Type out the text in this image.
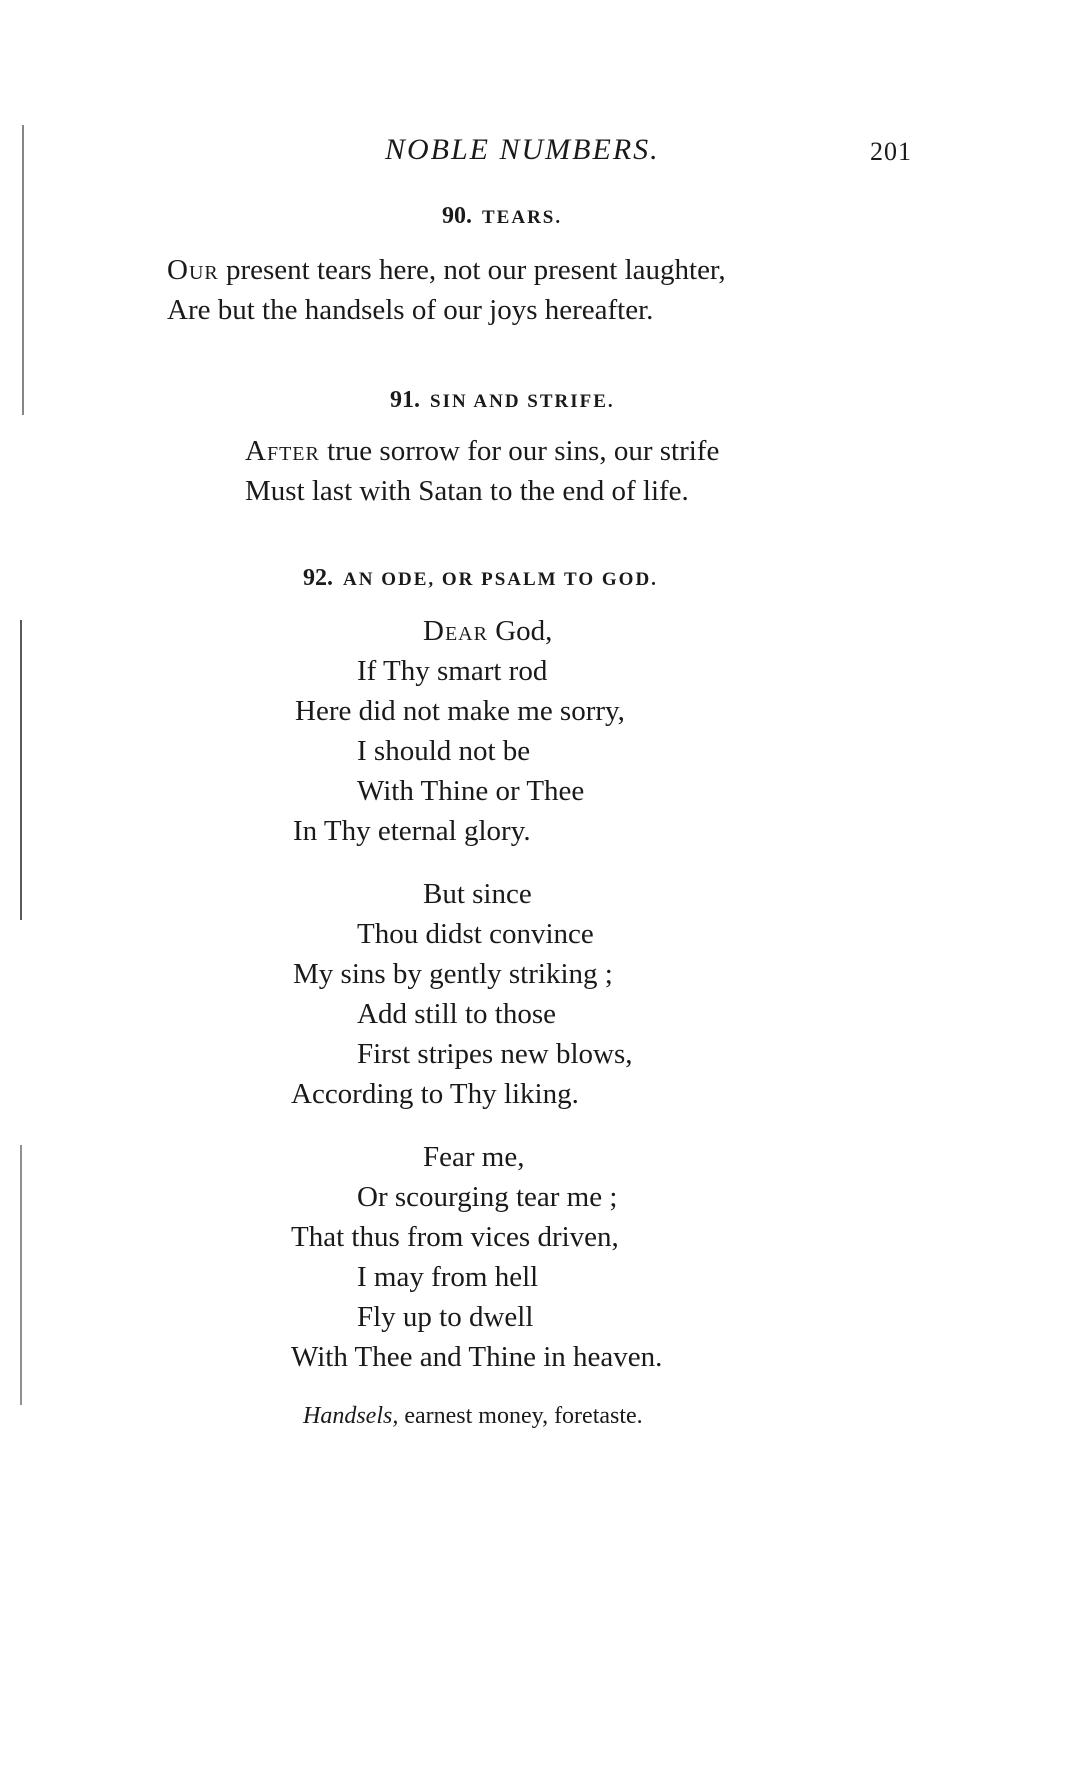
NOBLE NUMBERS.	201
90. TEARS.
Our present tears here, not our present laughter,
Are but the handsels of our joys hereafter.
91. SIN AND STRIFE.
After true sorrow for our sins, our strife
Must last with Satan to the end of life.
92. AN ODE, OR PSALM TO GOD.
Dear God,
If Thy smart rod
Here did not make me sorry,
I should not be
With Thine or Thee
In Thy eternal glory.
But since
Thou didst convince
My sins by gently striking ;
Add still to those
First stripes new blows,
According to Thy liking.
Fear me,
Or scourging tear me ;
That thus from vices driven,
I may from hell
Fly up to dwell
With Thee and Thine in heaven.
Handsels, earnest money, foretaste.
